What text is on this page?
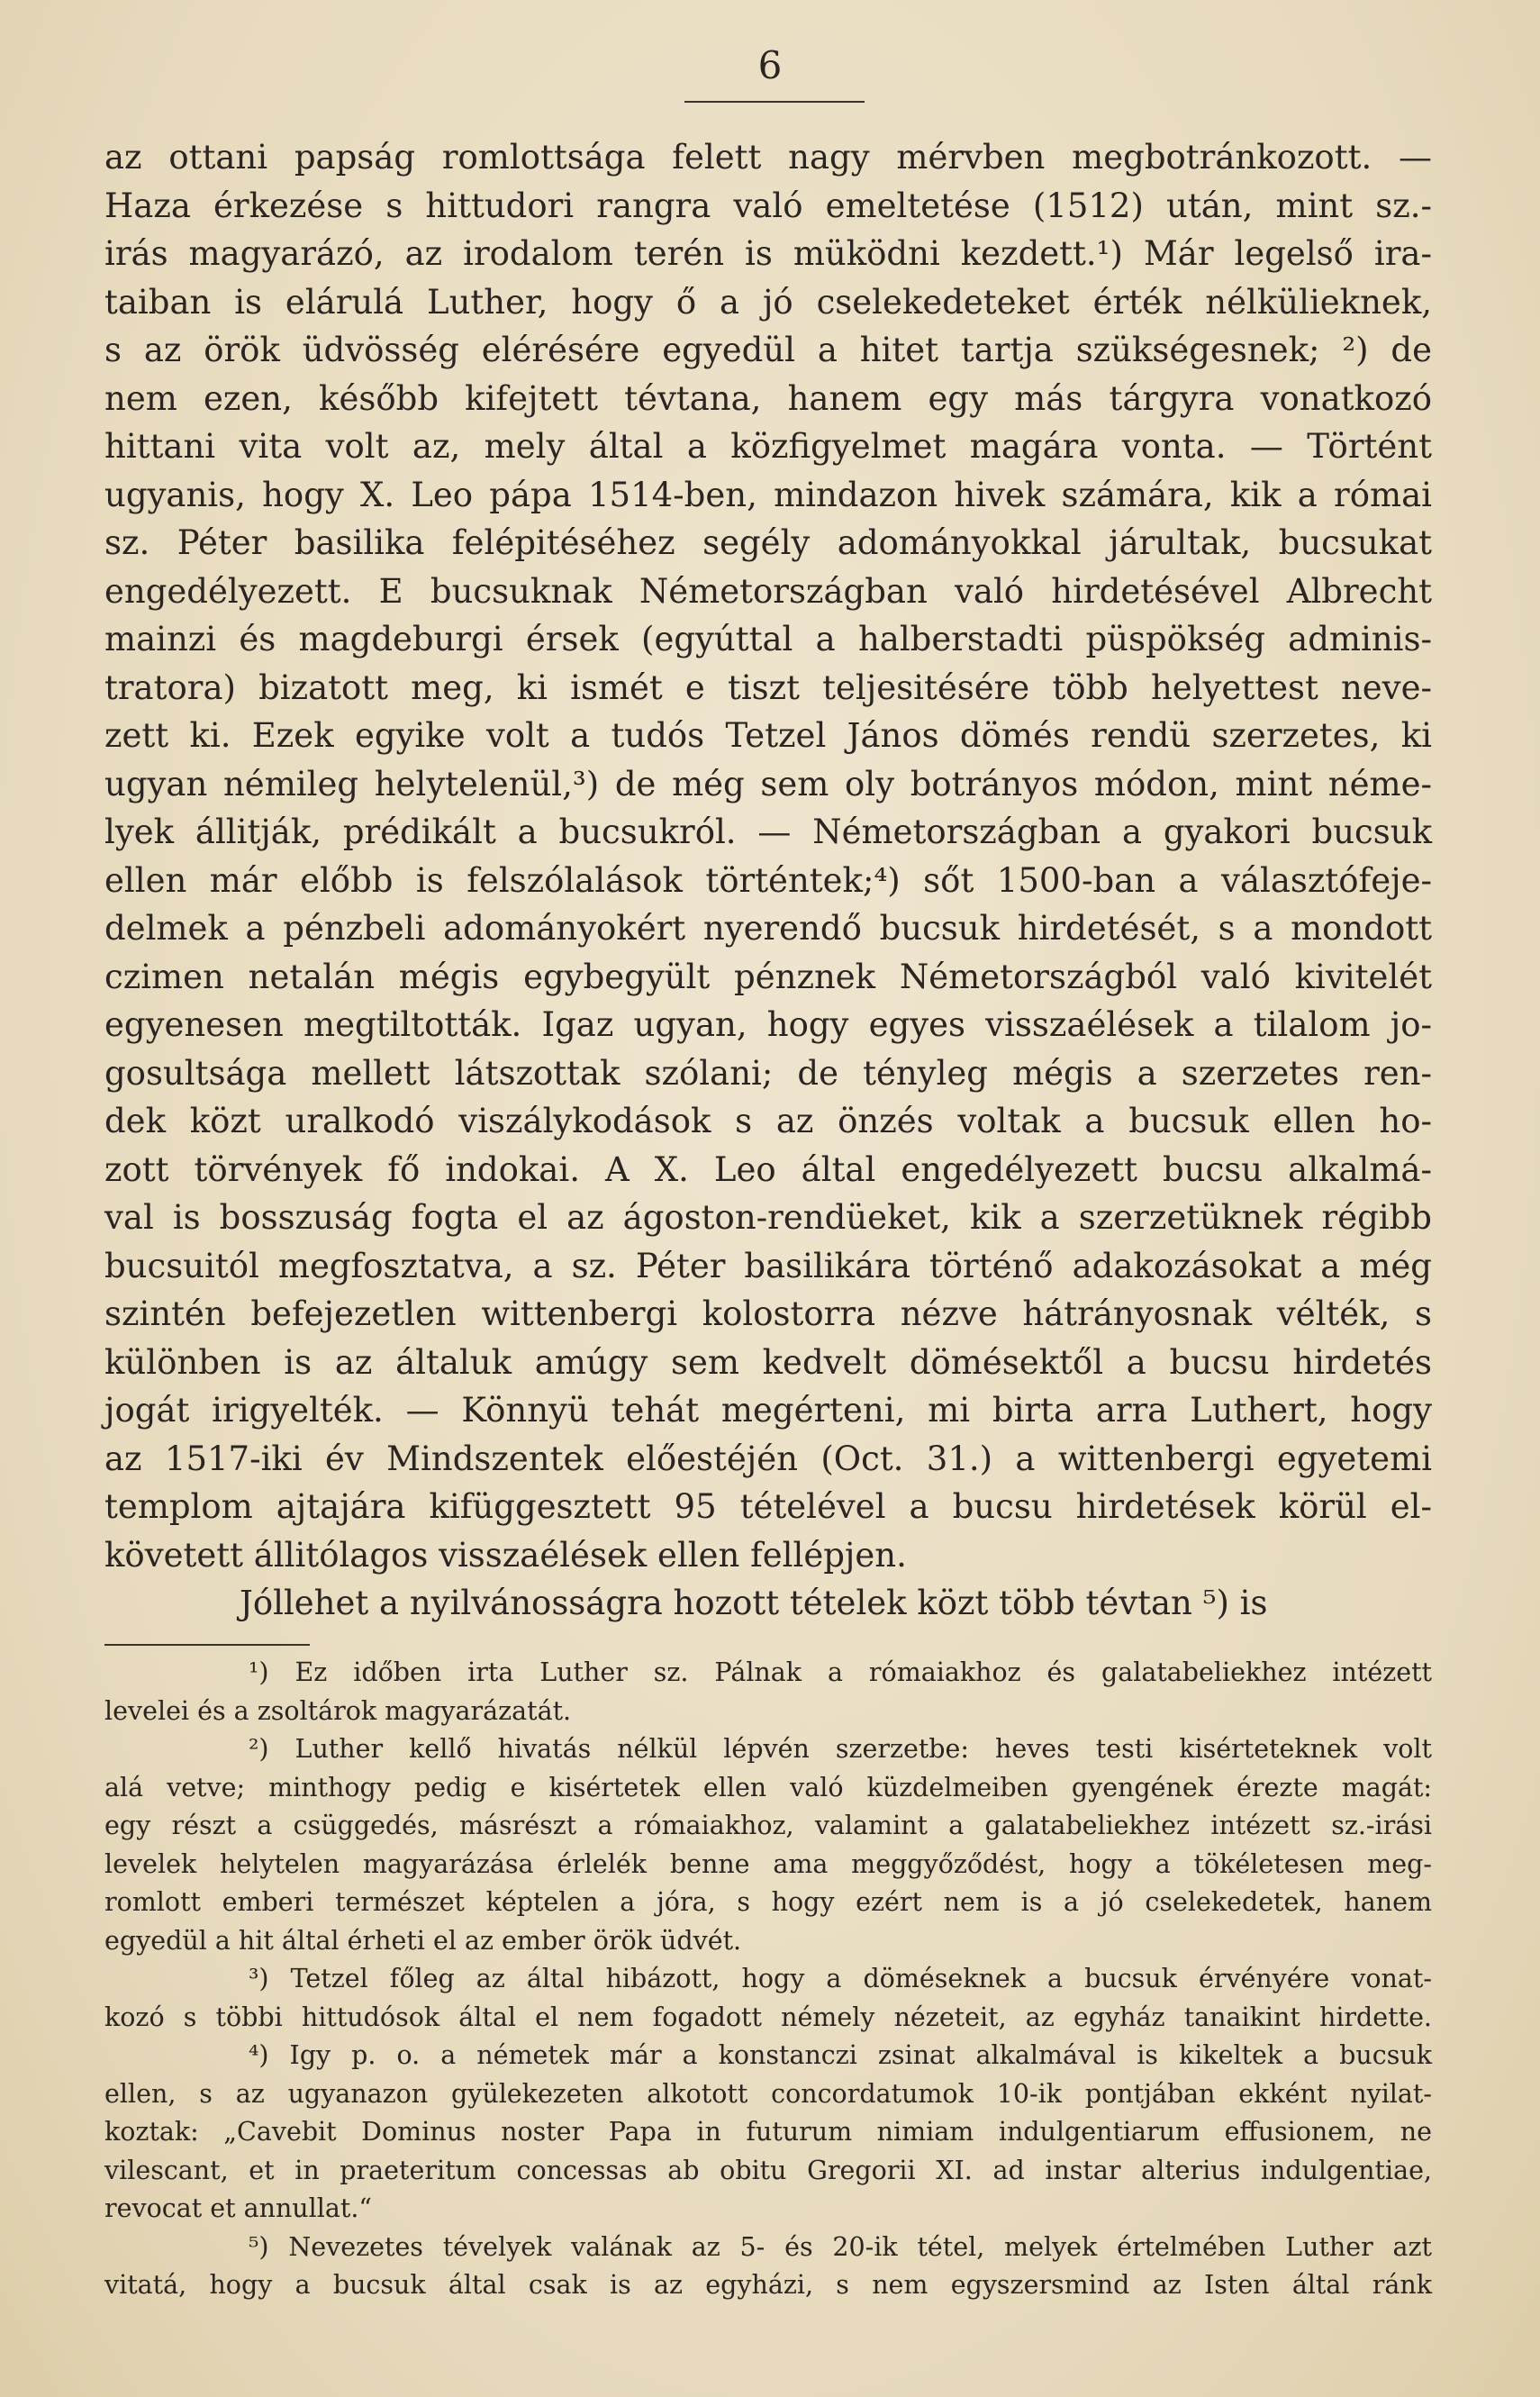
6
az ottani papság romlottsága felett nagy mérvben megbotránkozott. —
Haza érkezése s hittudori rangra való emeltetése (1512) után, mint sz.-
irás magyarázó, az irodalom terén is müködni kezdett.¹) Már legelső ira-
taiban is elárulá Luther, hogy ő a jó cselekedeteket érték nélkülieknek,
s az örök üdvösség elérésére egyedül a hitet tartja szükségesnek; ²) de
nem ezen, később kifejtett tévtana, hanem egy más tárgyra vonatkozó
hittani vita volt az, mely által a közfigyelmet magára vonta. — Történt
ugyanis, hogy X. Leo pápa 1514-ben, mindazon hivek számára, kik a római
sz. Péter basilika felépitéséhez segély adományokkal járultak, bucsukat
engedélyezett. E bucsuknak Németországban való hirdetésével Albrecht
mainzi és magdeburgi érsek (egyúttal a halberstadti püspökség adminis-
tratora) bizatott meg, ki ismét e tiszt teljesitésére több helyettest neve-
zett ki. Ezek egyike volt a tudós Tetzel János dömés rendü szerzetes, ki
ugyan némileg helytelenül,³) de még sem oly botrányos módon, mint néme-
lyek állitják, prédikált a bucsukról. — Németországban a gyakori bucsuk
ellen már előbb is felszólalások történtek;⁴) sőt 1500-ban a választófeje-
delmek a pénzbeli adományokért nyerendő bucsuk hirdetését, s a mondott
czimen netalán mégis egybegyült pénznek Németországból való kivitelét
egyenesen megtiltották. Igaz ugyan, hogy egyes visszaélések a tilalom jo-
gosultsága mellett látszottak szólani; de tényleg mégis a szerzetes ren-
dek közt uralkodó viszálykodások s az önzés voltak a bucsuk ellen ho-
zott törvények fő indokai. A X. Leo által engedélyezett bucsu alkalmá-
val is bosszuság fogta el az ágoston-rendüeket, kik a szerzetüknek régibb
bucsuitól megfosztatva, a sz. Péter basilikára történő adakozásokat a még
szintén befejezetlen wittenbergi kolostorra nézve hátrányosnak vélték, s
különben is az általuk amúgy sem kedvelt dömésektől a bucsu hirdetés
jogát irigyelték. — Könnyü tehát megérteni, mi birta arra Luthert, hogy
az 1517-iki év Mindszentek előestéjén (Oct. 31.) a wittenbergi egyetemi
templom ajtajára kifüggesztett 95 tételével a bucsu hirdetések körül el-
követett állitólagos visszaélések ellen fellépjen.
Jóllehet a nyilvánosságra hozott tételek közt több tévtan ⁵) is
¹) Ez időben irta Luther sz. Pálnak a rómaiakhoz és galatabeliekhez intézett
levelei és a zsoltárok magyarázatát.
²) Luther kellő hivatás nélkül lépvén szerzetbe: heves testi kisérteteknek volt
alá vetve; minthogy pedig e kisértetek ellen való küzdelmeiben gyengének érezte magát:
egy részt a csüggedés, másrészt a rómaiakhoz, valamint a galatabeliekhez intézett sz.-irási
levelek helytelen magyarázása érlelék benne ama meggyőződést, hogy a tökéletesen meg-
romlott emberi természet képtelen a jóra, s hogy ezért nem is a jó cselekedetek, hanem
egyedül a hit által érheti el az ember örök üdvét.
³) Tetzel főleg az által hibázott, hogy a döméseknek a bucsuk érvényére vonat-
kozó s többi hittudósok által el nem fogadott némely nézeteit, az egyház tanaikint hirdette.
⁴) Igy p. o. a németek már a konstanczi zsinat alkalmával is kikeltek a bucsuk
ellen, s az ugyanazon gyülekezeten alkotott concordatumok 10-ik pontjában ekként nyilat-
koztak: „Cavebit Dominus noster Papa in futurum nimiam indulgentiarum effusionem, ne
vilescant, et in praeteritum concessas ab obitu Gregorii XI. ad instar alterius indulgentiae,
revocat et annullat.“
⁵) Nevezetes tévelyek valának az 5- és 20-ik tétel, melyek értelmében Luther azt
vitatá, hogy a bucsuk által csak is az egyházi, s nem egyszersmind az Isten által ránk
